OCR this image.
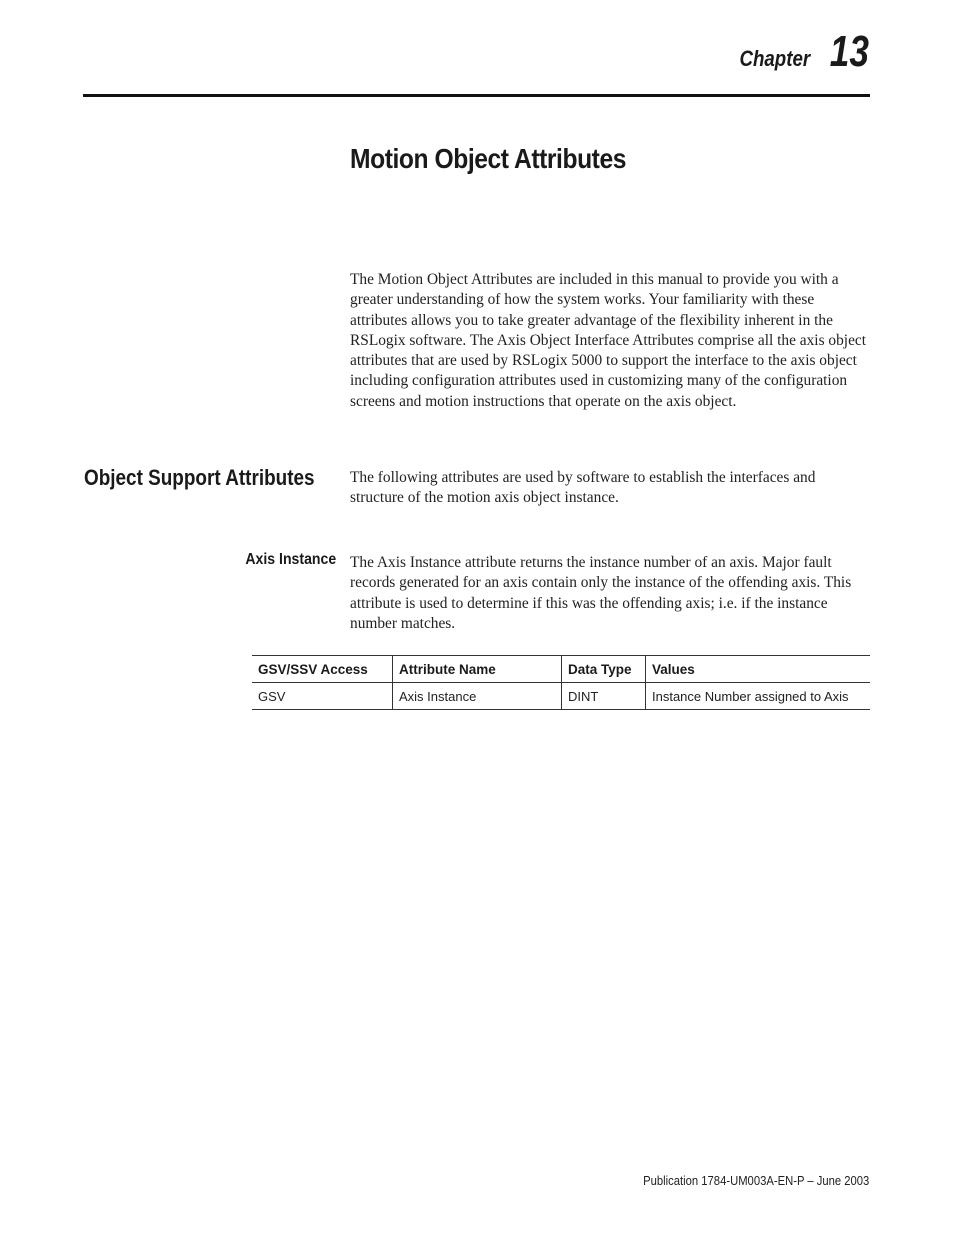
Chapter 13
Motion Object Attributes

The Motion Object Attributes are included in this manual to provide you with a greater understanding of how the system works. Your familiarity with these attributes allows you to take greater advantage of the flexibility inherent in the RSLogix software. The Axis Object Interface Attributes comprise all the axis object attributes that are used by RSLogix 5000 to support the interface to the axis object including configuration attributes used in customizing many of the configuration screens and motion instructions that operate on the axis object.

Object Support Attributes The following attributes are used by software to establish the interfaces and structure of the motion axis object instance.

Axis Instance The Axis Instance attribute returns the instance number of an axis. Major fault records generated for an axis contain only the instance of the offending axis. This attribute is used to determine if this was the offending axis; i.e. if the instance number matches.

GSV/SSV Access	Attribute Name	Data Type	Values
GSV	Axis Instance	DINT	Instance Number assigned to Axis
Publication 1784-UM003A-EN-P – June 2003
